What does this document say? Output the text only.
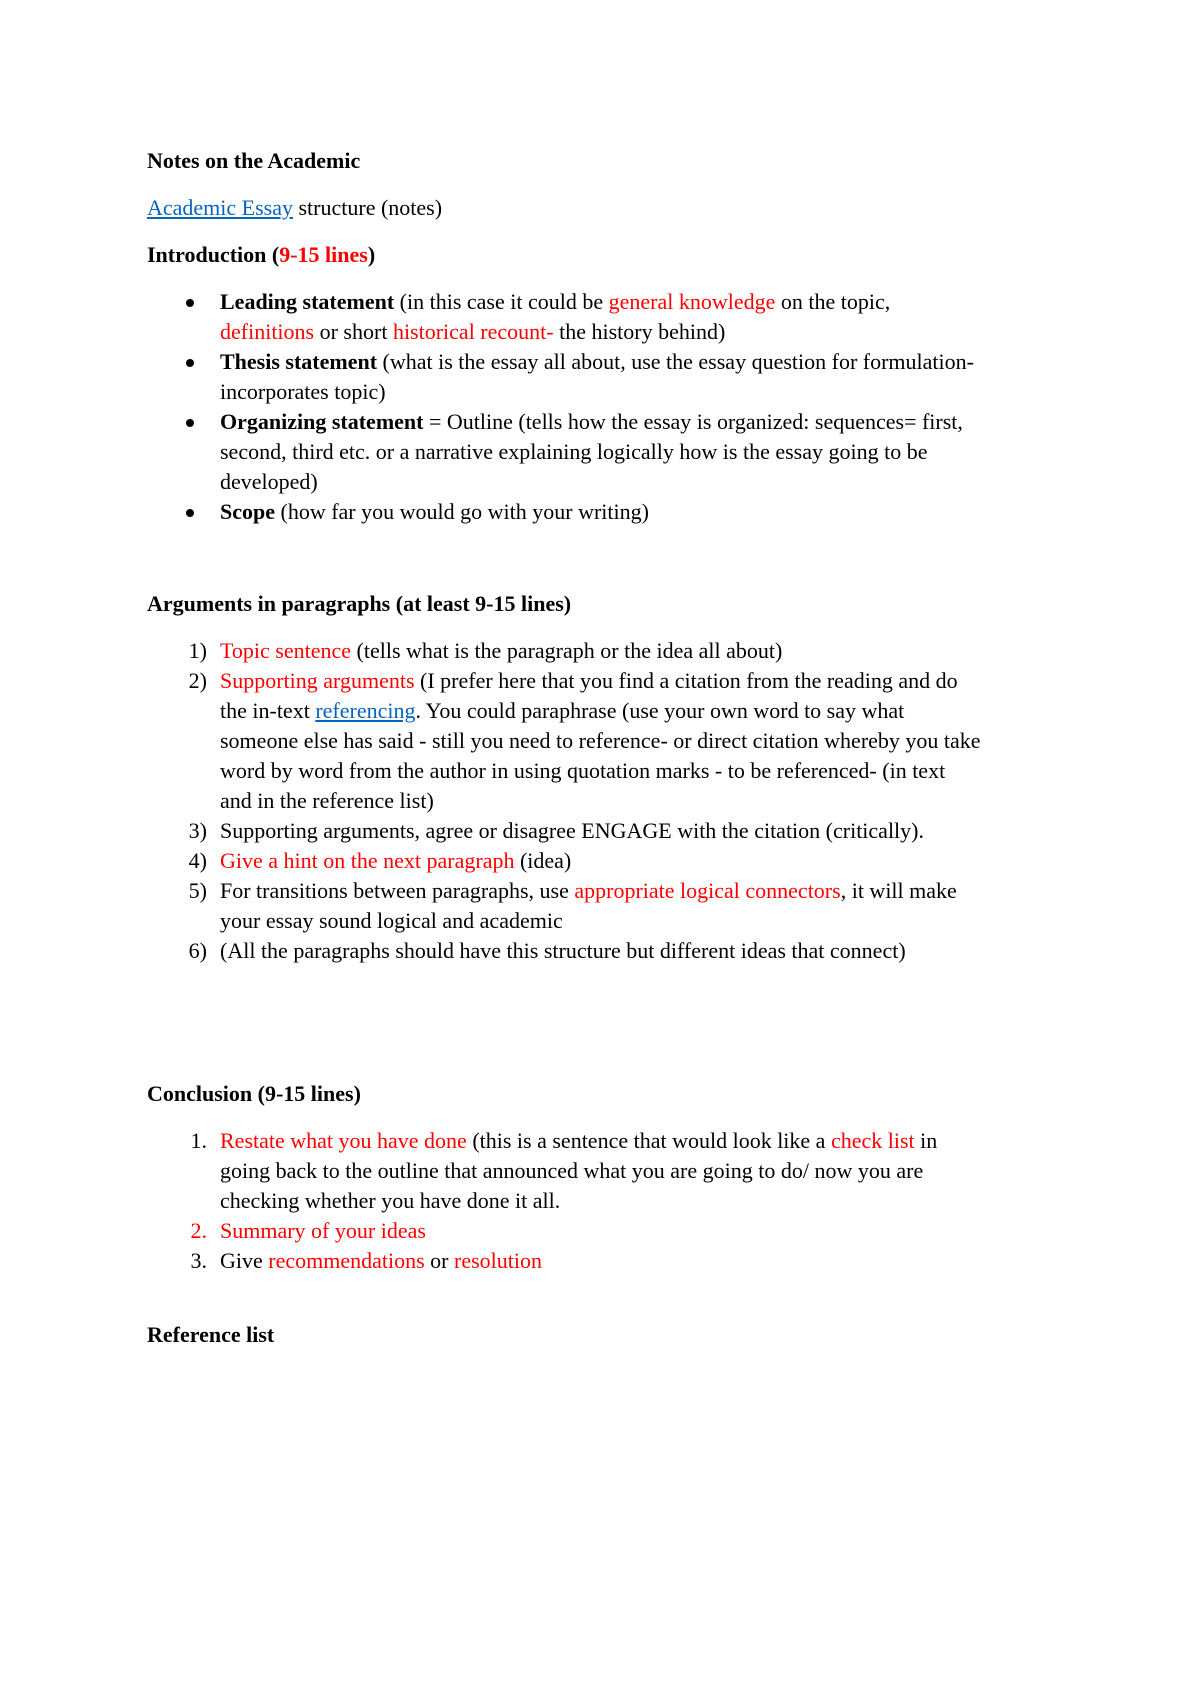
Notes on the Academic

Academic Essay structure (notes)

Introduction (9-15 lines)

Leading statement (in this case it could be general knowledge on the topic,
definitions or short historical recount- the history behind)
Thesis statement (what is the essay all about, use the essay question for formulation-
incorporates topic)
Organizing statement = Outline (tells how the essay is organized: sequences= first,
second, third etc. or a narrative explaining logically how is the essay going to be
developed)
Scope (how far you would go with your writing)

Arguments in paragraphs (at least 9-15 lines)

1) Topic sentence (tells what is the paragraph or the idea all about)
2) Supporting arguments (I prefer here that you find a citation from the reading and do
the in-text referencing. You could paraphrase (use your own word to say what
someone else has said - still you need to reference- or direct citation whereby you take
word by word from the author in using quotation marks - to be referenced- (in text
and in the reference list)
3) Supporting arguments, agree or disagree ENGAGE with the citation (critically).
4) Give a hint on the next paragraph (idea)
5) For transitions between paragraphs, use appropriate logical connectors, it will make
your essay sound logical and academic
6) (All the paragraphs should have this structure but different ideas that connect)

Conclusion (9-15 lines)

1. Restate what you have done (this is a sentence that would look like a check list in
going back to the outline that announced what you are going to do/ now you are
checking whether you have done it all.
2. Summary of your ideas
3. Give recommendations or resolution

Reference list
